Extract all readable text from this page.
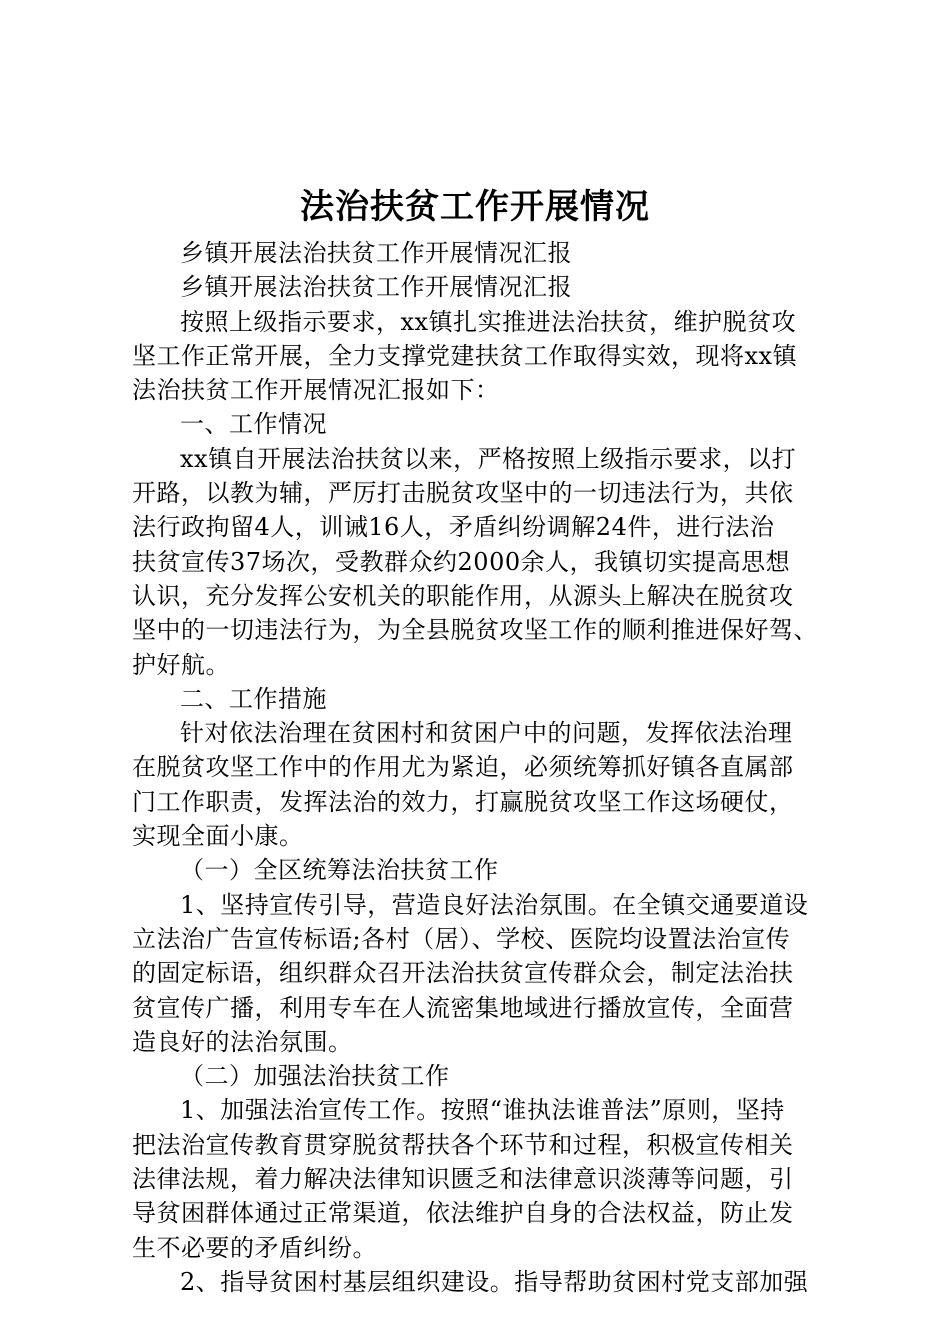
法治扶贫工作开展情况
乡镇开展法治扶贫工作开展情况汇报
乡镇开展法治扶贫工作开展情况汇报
按照上级指示要求，xx镇扎实推进法治扶贫，维护脱贫攻
坚工作正常开展，全力支撑党建扶贫工作取得实效，现将xx镇
法治扶贫工作开展情况汇报如下：
一、工作情况
xx镇自开展法治扶贫以来，严格按照上级指示要求，以打
开路，以教为辅，严厉打击脱贫攻坚中的一切违法行为，共依
法行政拘留4人，训诫16人，矛盾纠纷调解24件，进行法治
扶贫宣传37场次，受教群众约2000余人，我镇切实提高思想
认识，充分发挥公安机关的职能作用，从源头上解决在脱贫攻
坚中的一切违法行为，为全县脱贫攻坚工作的顺利推进保好驾、
护好航。
二、工作措施
针对依法治理在贫困村和贫困户中的问题，发挥依法治理
在脱贫攻坚工作中的作用尤为紧迫，必须统筹抓好镇各直属部
门工作职责，发挥法治的效力，打赢脱贫攻坚工作这场硬仗，
实现全面小康。
（一）全区统筹法治扶贫工作
1、坚持宣传引导，营造良好法治氛围。在全镇交通要道设
立法治广告宣传标语;各村（居）、学校、医院均设置法治宣传
的固定标语，组织群众召开法治扶贫宣传群众会，制定法治扶
贫宣传广播，利用专车在人流密集地域进行播放宣传，全面营
造良好的法治氛围。
（二）加强法治扶贫工作
1、加强法治宣传工作。按照“谁执法谁普法”原则，坚持
把法治宣传教育贯穿脱贫帮扶各个环节和过程，积极宣传相关
法律法规，着力解决法律知识匮乏和法律意识淡薄等问题，引
导贫困群体通过正常渠道，依法维护自身的合法权益，防止发
生不必要的矛盾纠纷。
2、指导贫困村基层组织建设。指导帮助贫困村党支部加强
